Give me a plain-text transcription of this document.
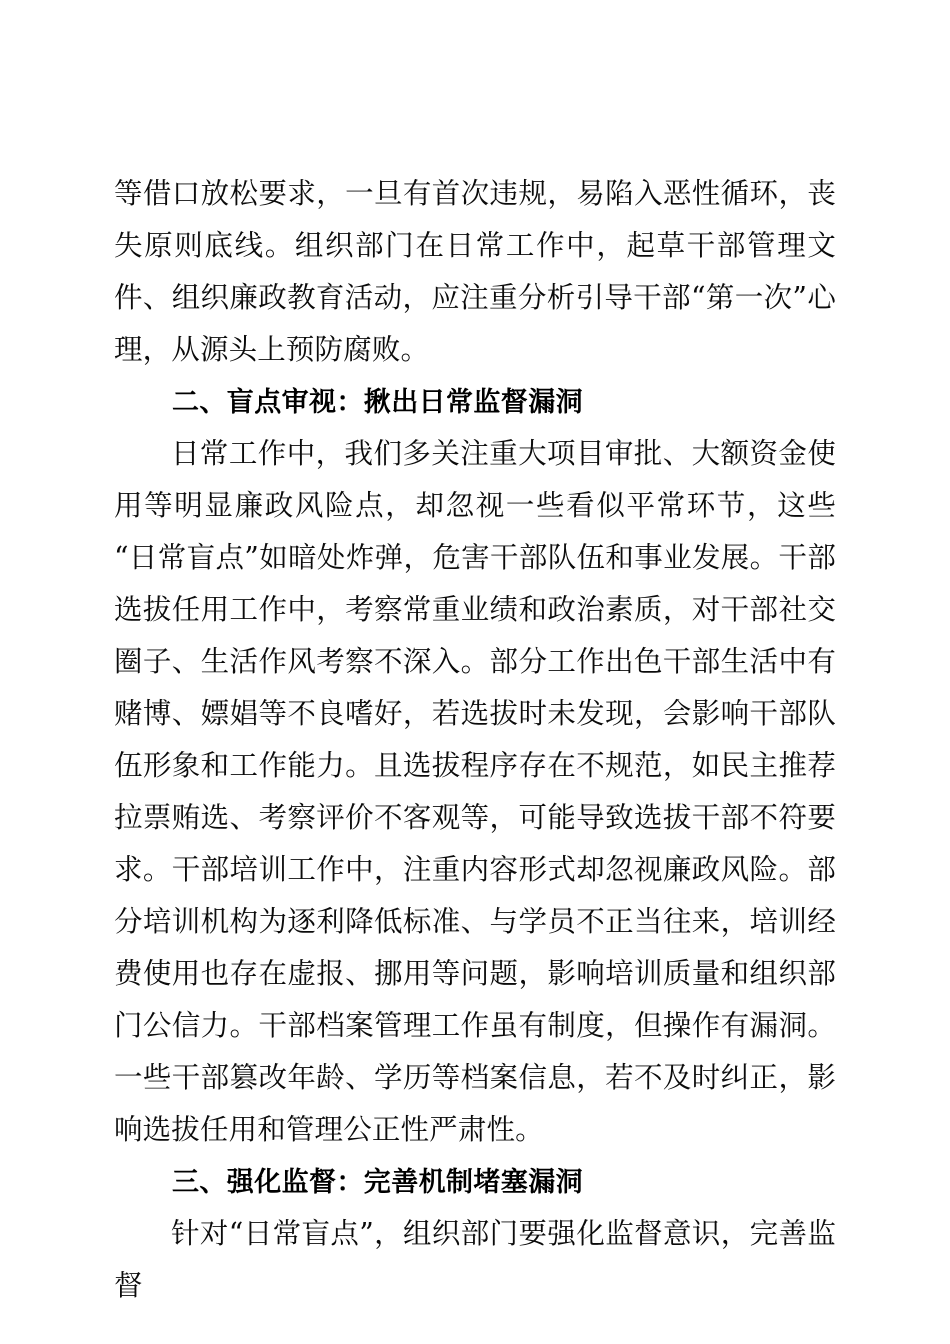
等借口放松要求，一旦有首次违规，易陷入恶性循环，丧失原则底线。组织部门在日常工作中，起草干部管理文件、组织廉政教育活动，应注重分析引导干部“第一次”心理，从源头上预防腐败。

二、盲点审视：揪出日常监督漏洞

日常工作中，我们多关注重大项目审批、大额资金使用等明显廉政风险点，却忽视一些看似平常环节，这些“日常盲点”如暗处炸弹，危害干部队伍和事业发展。干部选拔任用工作中，考察常重业绩和政治素质，对干部社交圈子、生活作风考察不深入。部分工作出色干部生活中有赌博、嫖娼等不良嗜好，若选拔时未发现，会影响干部队伍形象和工作能力。且选拔程序存在不规范，如民主推荐拉票贿选、考察评价不客观等，可能导致选拔干部不符要求。干部培训工作中，注重内容形式却忽视廉政风险。部分培训机构为逐利降低标准、与学员不正当往来，培训经费使用也存在虚报、挪用等问题，影响培训质量和组织部门公信力。干部档案管理工作虽有制度，但操作有漏洞。一些干部篡改年龄、学历等档案信息，若不及时纠正，影响选拔任用和管理公正性严肃性。

三、强化监督：完善机制堵塞漏洞

针对“日常盲点”，组织部门要强化监督意识，完善监督
